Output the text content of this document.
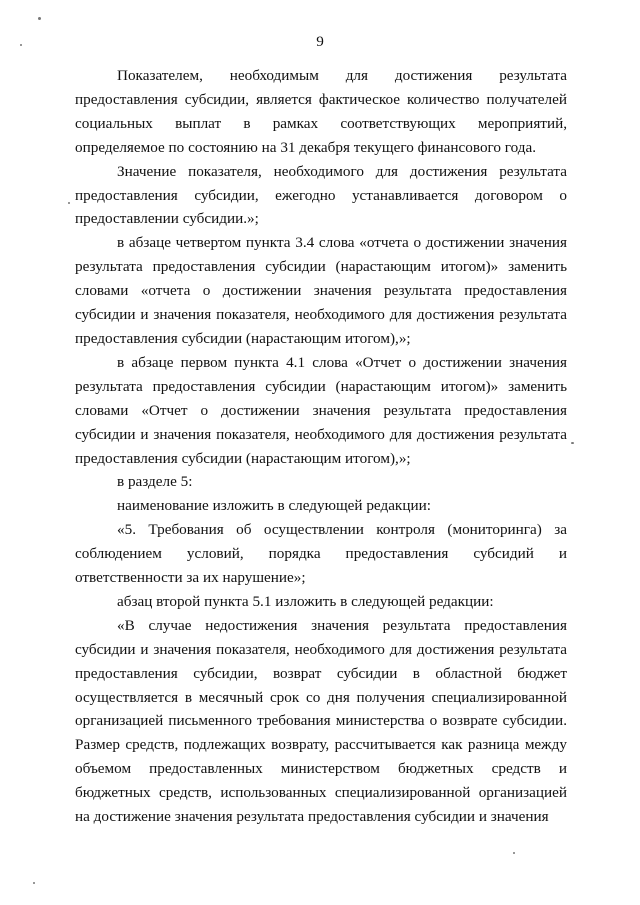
9

Показателем, необходимым для достижения результата предоставления субсидии, является фактическое количество получателей социальных выплат в рамках соответствующих мероприятий, определяемое по состоянию на 31 декабря текущего финансового года.

Значение показателя, необходимого для достижения результата предоставления субсидии, ежегодно устанавливается договором о предоставлении субсидии.»;

в абзаце четвертом пункта 3.4 слова «отчета о достижении значения результата предоставления субсидии (нарастающим итогом)» заменить словами «отчета о достижении значения результата предоставления субсидии и значения показателя, необходимого для достижения результата предоставления субсидии (нарастающим итогом),»;

в абзаце первом пункта 4.1 слова «Отчет о достижении значения результата предоставления субсидии (нарастающим итогом)» заменить словами «Отчет о достижении значения результата предоставления субсидии и значения показателя, необходимого для достижения результата предоставления субсидии (нарастающим итогом),»;

в разделе 5:

наименование изложить в следующей редакции:

«5. Требования об осуществлении контроля (мониторинга) за соблюдением условий, порядка предоставления субсидий и ответственности за их нарушение»;

абзац второй пункта 5.1 изложить в следующей редакции:

«В случае недостижения значения результата предоставления субсидии и значения показателя, необходимого для достижения результата предоставления субсидии, возврат субсидии в областной бюджет осуществляется в месячный срок со дня получения специализированной организацией письменного требования министерства о возврате субсидии. Размер средств, подлежащих возврату, рассчитывается как разница между объемом предоставленных министерством бюджетных средств и бюджетных средств, использованных специализированной организацией на достижение значения результата предоставления субсидии и значения
